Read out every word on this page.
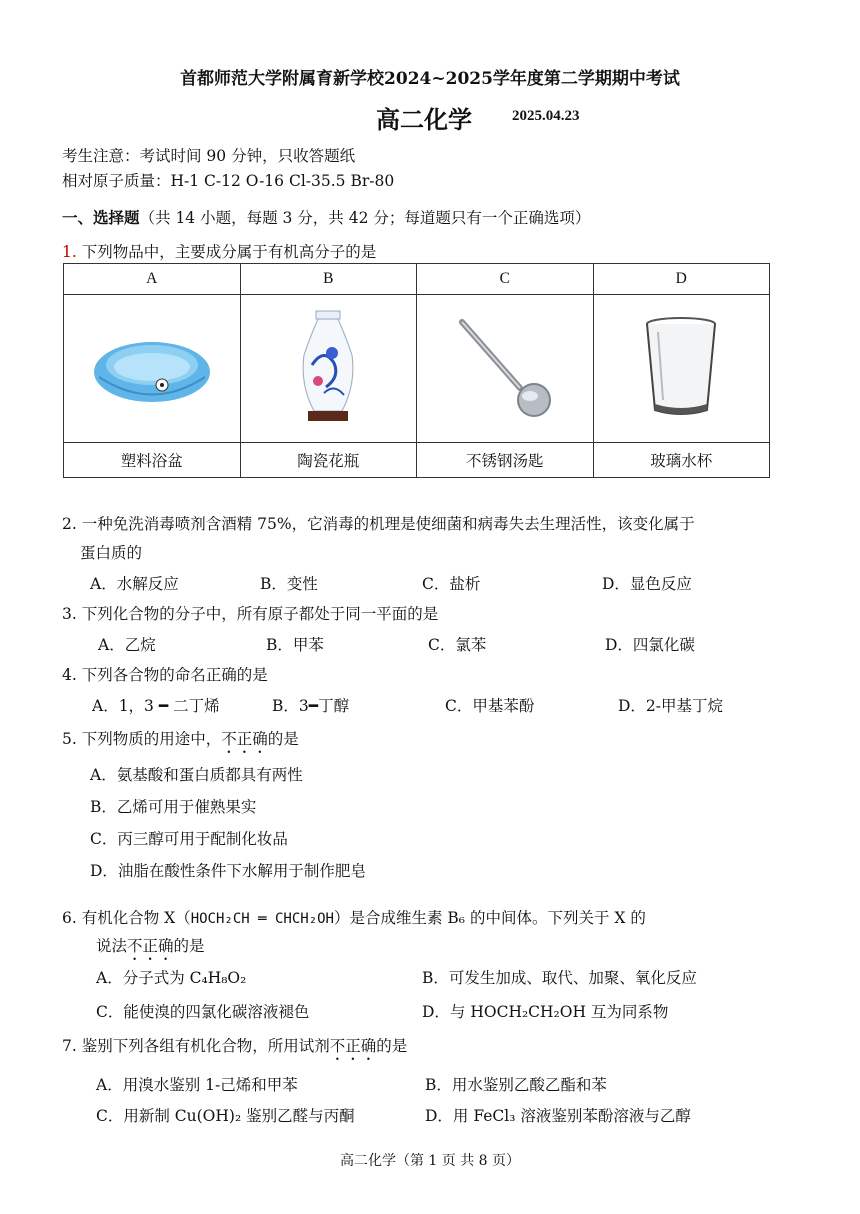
首都师范大学附属育新学校2024~2025学年度第二学期期中考试
高二化学	2025.04.23
考生注意：考试时间 90 分钟，只收答题纸
相对原子质量：H-1 C-12 O-16 Cl-35.5 Br-80
一、选择题（共 14 小题，每题 3 分，共 42 分；每道题只有一个正确选项）
1. 下列物品中，主要成分属于有机高分子的是
A	B	C	D

塑料浴盆	陶瓷花瓶	不锈钢汤匙	玻璃水杯
2. 一种免洗消毒喷剂含酒精 75%，它消毒的机理是使细菌和病毒失去生理活性，该变化属于
蛋白质的
A．水解反应	B．变性	C．盐析	D．显色反应
3. 下列化合物的分子中，所有原子都处于同一平面的是
A．乙烷	B．甲苯	C．氯苯	D．四氯化碳
4. 下列各合物的命名正确的是
A．1，3 ━ 二丁烯	B．3━丁醇	C．甲基苯酚	D．2-甲基丁烷
5. 下列物质的用途中，不正确的是
A．氨基酸和蛋白质都具有两性
B．乙烯可用于催熟果实
C．丙三醇可用于配制化妆品
D．油脂在酸性条件下水解用于制作肥皂
6. 有机化合物 X（HOCH₂CH ═ CHCH₂OH）是合成维生素 B₆ 的中间体。下列关于 X 的
说法不正确的是
A．分子式为 C₄H₈O₂	B．可发生加成、取代、加聚、氧化反应
C．能使溴的四氯化碳溶液褪色	D．与 HOCH₂CH₂OH 互为同系物
7. 鉴别下列各组有机化合物，所用试剂不正确的是
A．用溴水鉴别 1-己烯和甲苯	B．用水鉴别乙酸乙酯和苯
C．用新制 Cu(OH)₂ 鉴别乙醛与丙酮	D．用 FeCl₃ 溶液鉴别苯酚溶液与乙醇
高二化学（第 1 页 共 8 页）
